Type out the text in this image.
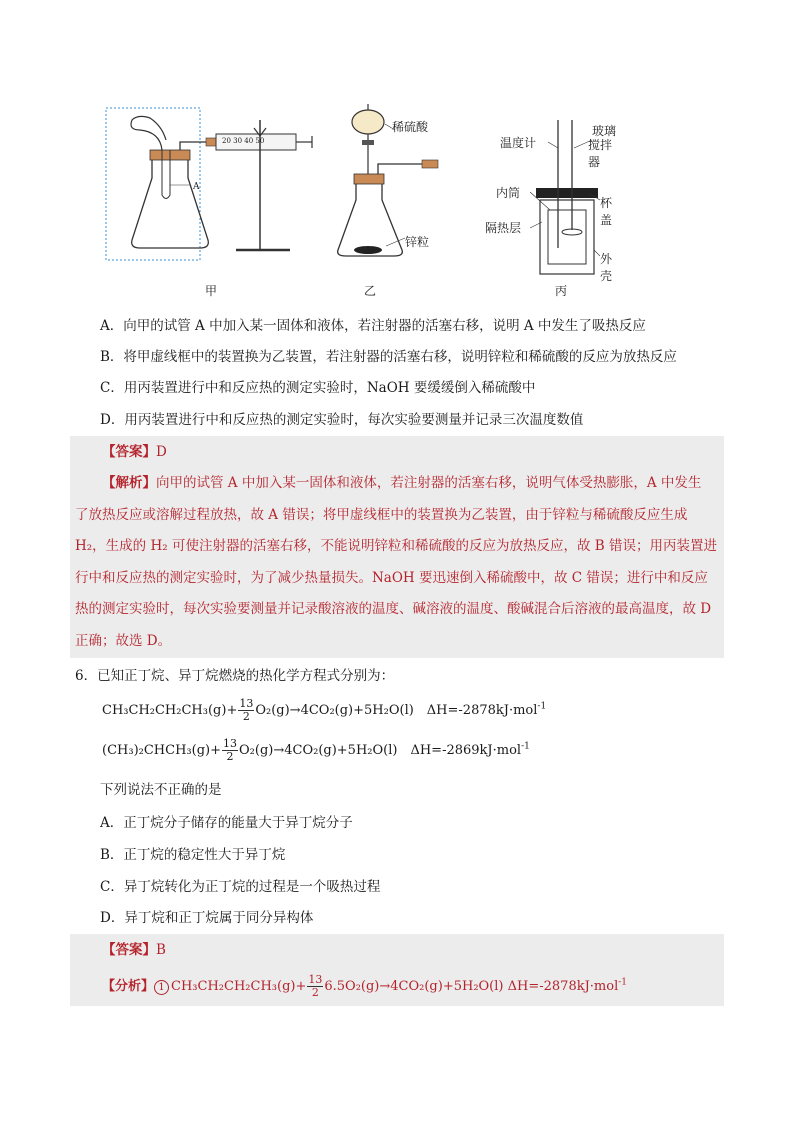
A
20 30 40 50
稀硫酸
锌粒
温度计
玻璃
搅拌器
内筒
杯盖
隔热层
外壳
甲	乙	丙
A．向甲的试管 A 中加入某一固体和液体，若注射器的活塞右移，说明 A 中发生了吸热反应
B．将甲虚线框中的装置换为乙装置，若注射器的活塞右移，说明锌粒和稀硫酸的反应为放热反应
C．用丙装置进行中和反应热的测定实验时，NaOH 要缓缓倒入稀硫酸中
D．用丙装置进行中和反应热的测定实验时，每次实验要测量并记录三次温度数值
【答案】D
【解析】向甲的试管 A 中加入某一固体和液体，若注射器的活塞右移，说明气体受热膨胀，A 中发生
了放热反应或溶解过程放热，故 A 错误；将甲虚线框中的装置换为乙装置，由于锌粒与稀硫酸反应生成
H₂，生成的 H₂ 可使注射器的活塞右移，不能说明锌粒和稀硫酸的反应为放热反应，故 B 错误；用丙装置进
行中和反应热的测定实验时，为了减少热量损失。NaOH 要迅速倒入稀硫酸中，故 C 错误；进行中和反应
热的测定实验时，每次实验要测量并记录酸溶液的温度、碱溶液的温度、酸碱混合后溶液的最高温度，故 D
正确；故选 D。
6．已知正丁烷、异丁烷燃烧的热化学方程式分别为：
$CH_3CH_2CH_2CH_3(g)+ \frac{13}{2} O_2(g)\to 4CO_2(g)+5H_2O(l)$　ΔH=-2878kJ·mol$^{-1}$
(CH₃)₂CHCH₃(g)+ $\frac{13}{2} O_2(g)\to 4CO_2(g)+5H_2O(l)$　ΔH=-2869kJ·mol$^{-1}$
下列说法不正确的是
A．正丁烷分子储存的能量大于异丁烷分子
B．正丁烷的稳定性大于异丁烷
C．异丁烷转化为正丁烷的过程是一个吸热过程
D．异丁烷和正丁烷属于同分异构体
【答案】B
【分析】 1 $CH_3CH_2CH_2CH_3(g)+ \frac{13}{2} 6.5O_2(g)\to 4CO_2(g)+5H_2O(l)$ ΔH=-2878kJ·mol$^{-1}$
